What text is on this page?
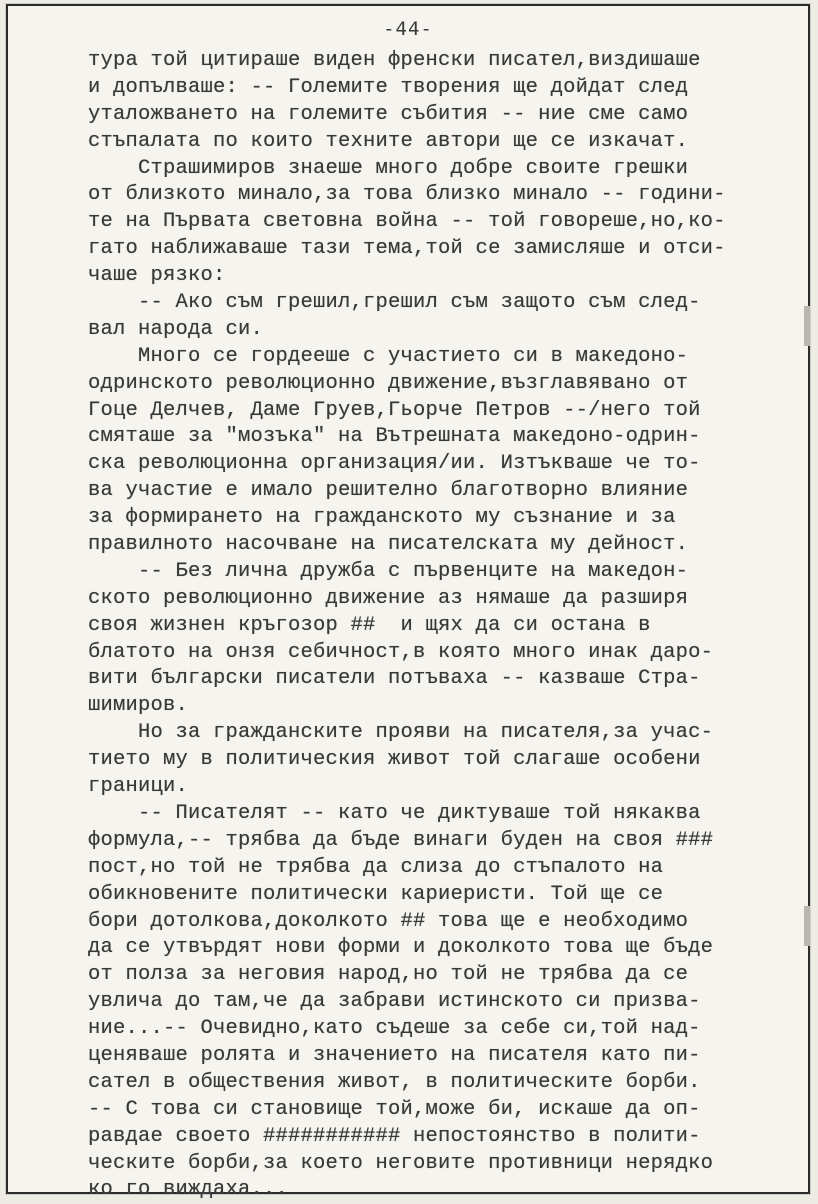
-44-
тура той цитираше виден френски писател,виздишаше
и допълваше: -- Големите творения ще дойдат след
уталожването на големите събития -- ние сме само
стъпалата по които техните автори ще се изкачат.
Страшимиров знаеше много добре своите грешки
от близкото минало,за това близко минало -- години-
те на Първата световна война -- той говореше,но,ко-
гато наближаваше тази тема,той се замисляше и отси-
чаше рязко:
-- Ако съм грешил,грешил съм защото съм след-
вал народа си.
Много се гордееше с участието си в македоно-
одринското революционно движение,възглавявано от
Гоце Делчев, Даме Груев,Гьорче Петров --/него той
смяташе за "мозъка" на Вътрешната македоно-одрин-
ска революционна организация/ии. Изтъкваше че то-
ва участие е имало решително благотворно влияние
за формирането на гражданското му съзнание и за
правилното насочване на писателската му дейност.
-- Без лична дружба с първенците на македон-
ското революционно движение аз нямаше да разширя
своя жизнен кръгозор ##  и щях да си остана в
блатото на онзя себичност,в която много инак даро-
вити български писатели потъваха -- казваше Стра-
шимиров.
Но за гражданските прояви на писателя,за учас-
тието му в политическия живот той слагаше особени
граници.
-- Писателят -- като че диктуваше той някаква
формула,-- трябва да бъде винаги буден на своя ###
пост,но той не трябва да слиза до стъпалото на
обикновените политически кариеристи. Той ще се
бори дотолкова,доколкото ## това ще е необходимо
да се утвърдят нови форми и доколкото това ще бъде
от полза за неговия народ,но той не трябва да се
увлича до там,че да забрави истинското си призва-
ние...-- Очевидно,като съдеше за себе си,той над-
ценяваше ролята и значението на писателя като пи-
сател в обществения живот, в политическите борби.
-- С това си становище той,може би, искаше да оп-
равдае своето ########### непостоянство в полити-
ческите борби,за което неговите противници нерядко
ко го виждаха...
